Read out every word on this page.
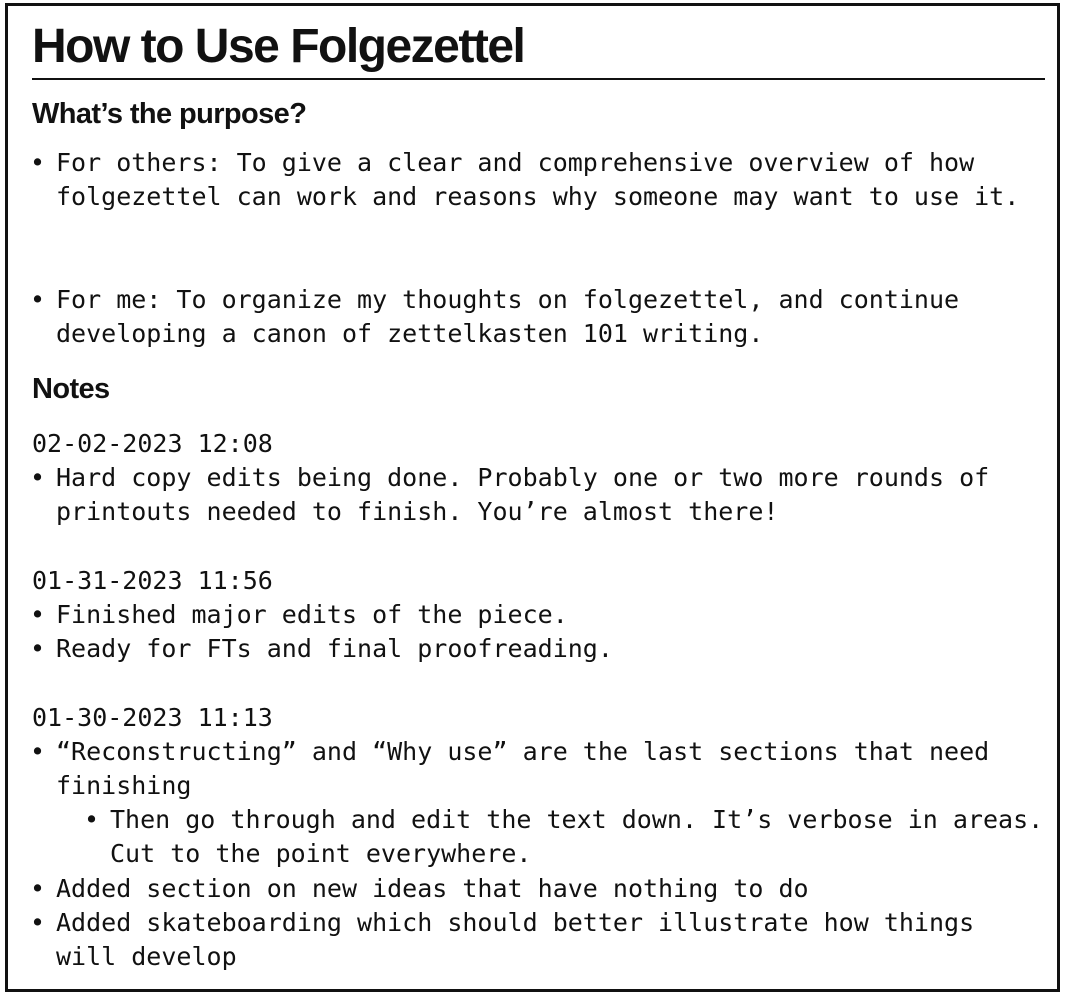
How to Use Folgezettel
What’s the purpose?
• For others: To give a clear and comprehensive overview of how folgezettel can work and reasons why someone may want to use it.
• For me: To organize my thoughts on folgezettel, and continue developing a canon of zettelkasten 101 writing.
Notes
02-02-2023 12:08
• Hard copy edits being done. Probably one or two more rounds of printouts needed to finish. You’re almost there!
01-31-2023 11:56
• Finished major edits of the piece.
• Ready for FTs and final proofreading.
01-30-2023 11:13
• “Reconstructing” and “Why use” are the last sections that need finishing
• Then go through and edit the text down. It’s verbose in areas. Cut to the point everywhere.
• Added section on new ideas that have nothing to do
• Added skateboarding which should better illustrate how things will develop
